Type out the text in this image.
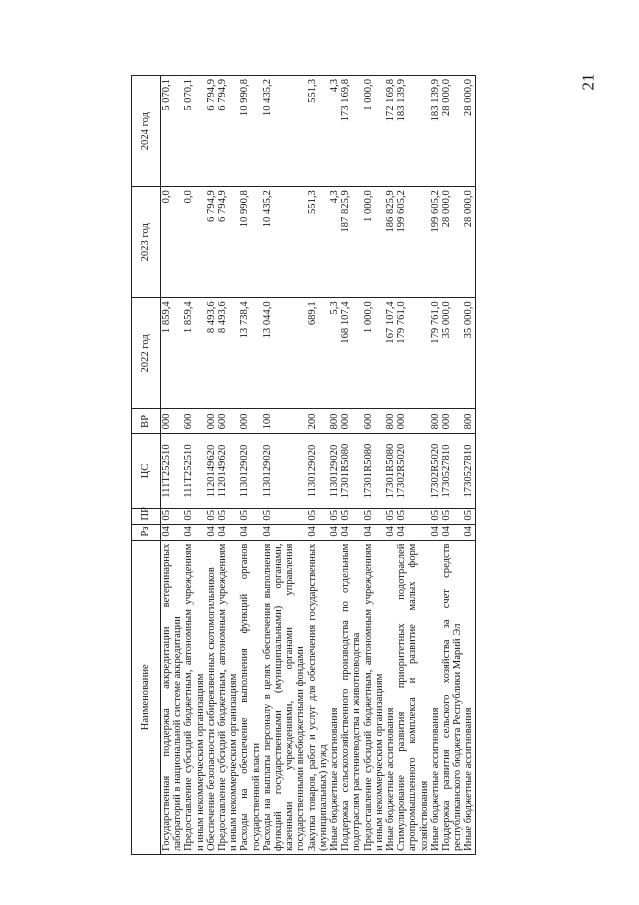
21
Наименование	Рз	ПР	ЦС	ВР	2022 год	2023 год	2024 год
Государственная поддержка аккредитации ветеринарных лабораторий в национальной системе аккредитации	04	05	111Т252510	000	1 859,4	0,0	5 070,1
Предоставление субсидий бюджетным, автономным учреждениям и иным некоммерческим организациям	04	05	111Т252510	600	1 859,4	0,0	5 070,1
Обеспечение безопасности сибиреязвенных скотомогильников	04	05	1120149620	000	8 493,6	6 794,9	6 794,9
Предоставление субсидий бюджетным, автономным учреждениям и иным некоммерческим организациям	04	05	1120149620	600	8 493,6	6 794,9	6 794,9
Расходы на обеспечение выполнения функций органов государственной власти	04	05	1130129020	000	13 738,4	10 990,8	10 990,8
Расходы на выплаты персоналу в целях обеспечения выполнения функций государственными (муниципальными) органами, казенными учреждениями, органами управления государственными внебюджетными фондами	04	05	1130129020	100	13 044,0	10 435,2	10 435,2
Закупка товаров, работ и услуг для обеспечения государственных (муниципальных) нужд	04	05	1130129020	200	689,1	551,3	551,3
Иные бюджетные ассигнования	04	05	1130129020	800	5,3	4,3	4,3
Поддержка сельскохозяйственного производства по отдельным подотраслям растениеводства и животноводства	04	05	17301R5080	000	168 107,4	187 825,9	173 169,8
Предоставление субсидий бюджетным, автономным учреждениям и иным некоммерческим организациям	04	05	17301R5080	600	1 000,0	1 000,0	1 000,0
Иные бюджетные ассигнования	04	05	17301R5080	800	167 107,4	186 825,9	172 169,8
Стимулирование развития приоритетных подотраслей агропромышленного комплекса и развитие малых форм хозяйствования	04	05	17302R5020	000	179 761,0	199 605,2	183 139,9
Иные бюджетные ассигнования	04	05	17302R5020	800	179 761,0	199 605,2	183 139,9
Поддержка развития сельского хозяйства за счет средств республиканского бюджета Республики Марий Эл	04	05	1730527810	000	35 000,0	28 000,0	28 000,0
Иные бюджетные ассигнования	04	05	1730527810	800	35 000,0	28 000,0	28 000,0
